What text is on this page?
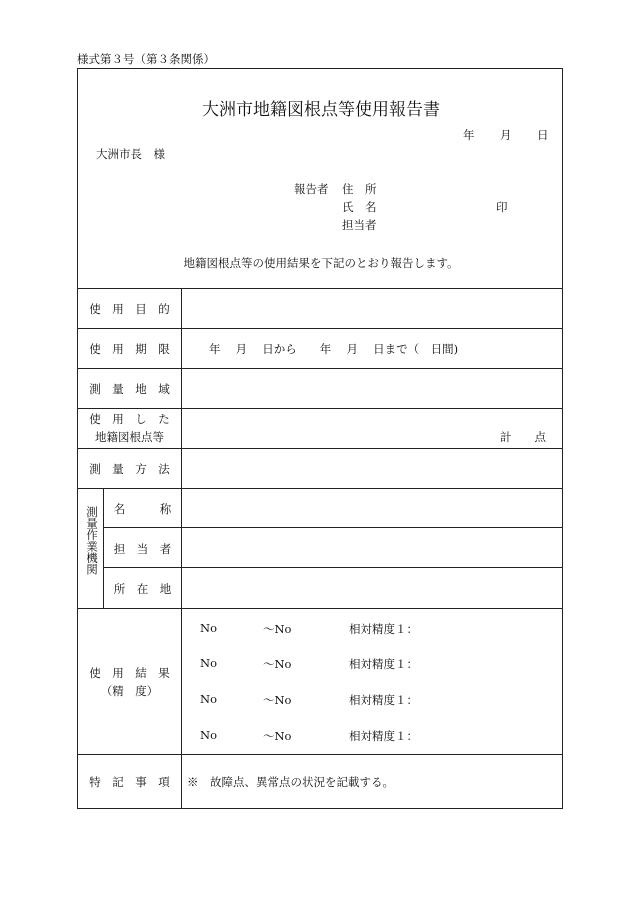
様式第３号（第３条関係）
大洲市地籍図根点等使用報告書
年 月 日
大洲市長　様
報告者 住　所
氏　名	印
担当者
地籍図根点等の使用結果を下記のとおり報告します。
使　用　目　的
使　用　期　限	年　 月　 日から　　年　 月　 日まで（　日間)
測　量　地　域
使　用　し　た
地籍図根点等	計　　点
測　量　方　法
測量作業機関	名　　　称
担　当　者
所　在　地
使　用　結　果
（精　度）
No	～No	相対精度１：
No	～No	相対精度１：
No	～No	相対精度１：
No	～No	相対精度１：
特　記　事　項	※　故障点、異常点の状況を記載する。
